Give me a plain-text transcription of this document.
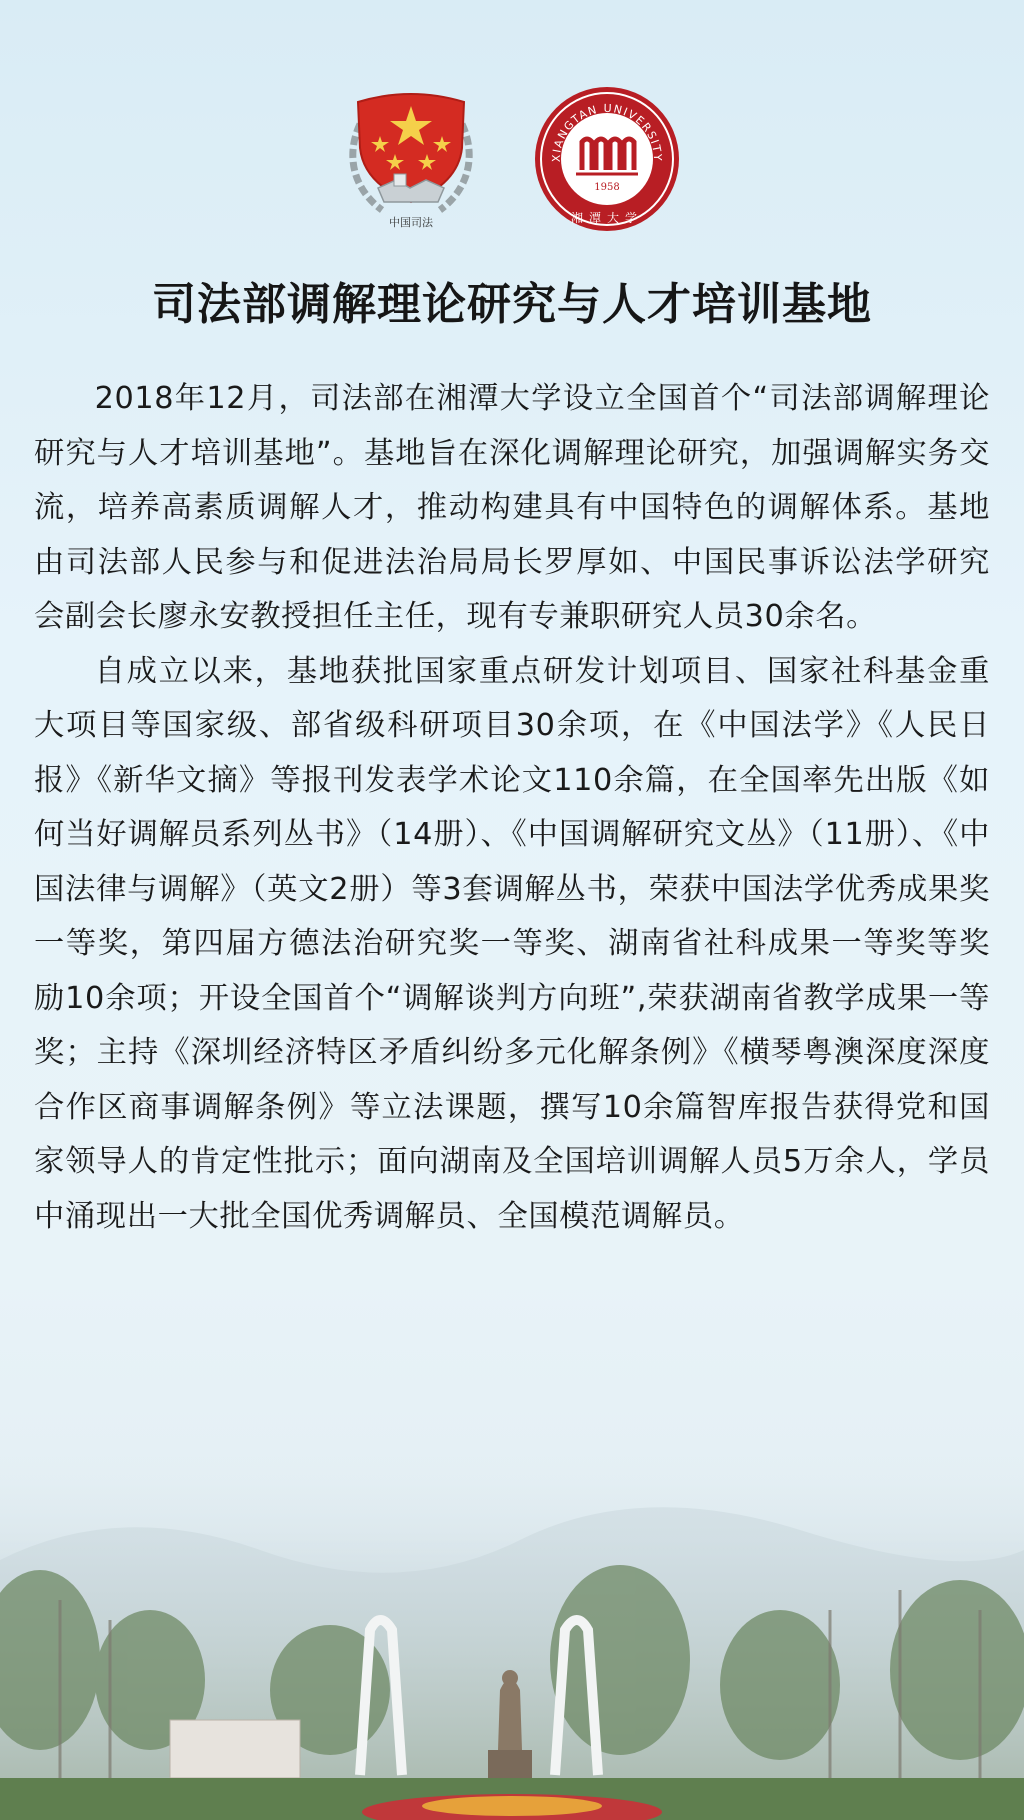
中国司法
XIANGTAN UNIVERSITY
1958
湘潭大学
司法部调解理论研究与人才培训基地

2018年12月，司法部在湘潭大学设立全国首个“司法部调解理论研究与人才培训基地”。基地旨在深化调解理论研究，加强调解实务交流，培养高素质调解人才，推动构建具有中国特色的调解体系。基地由司法部人民参与和促进法治局局长罗厚如、中国民事诉讼法学研究会副会长廖永安教授担任主任，现有专兼职研究人员30余名。

自成立以来，基地获批国家重点研发计划项目、国家社科基金重大项目等国家级、部省级科研项目30余项，在《中国法学》《人民日报》《新华文摘》等报刊发表学术论文110余篇，在全国率先出版《如何当好调解员系列丛书》（14册）、《中国调解研究文丛》（11册）、《中国法律与调解》（英文2册）等3套调解丛书，荣获中国法学优秀成果奖一等奖，第四届方德法治研究奖一等奖、湖南省社科成果一等奖等奖励10余项；开设全国首个“调解谈判方向班”,荣获湖南省教学成果一等奖；主持《深圳经济特区矛盾纠纷多元化解条例》《横琴粤澳深度深度合作区商事调解条例》等立法课题，撰写10余篇智库报告获得党和国家领导人的肯定性批示；面向湖南及全国培训调解人员5万余人，学员中涌现出一大批全国优秀调解员、全国模范调解员。
